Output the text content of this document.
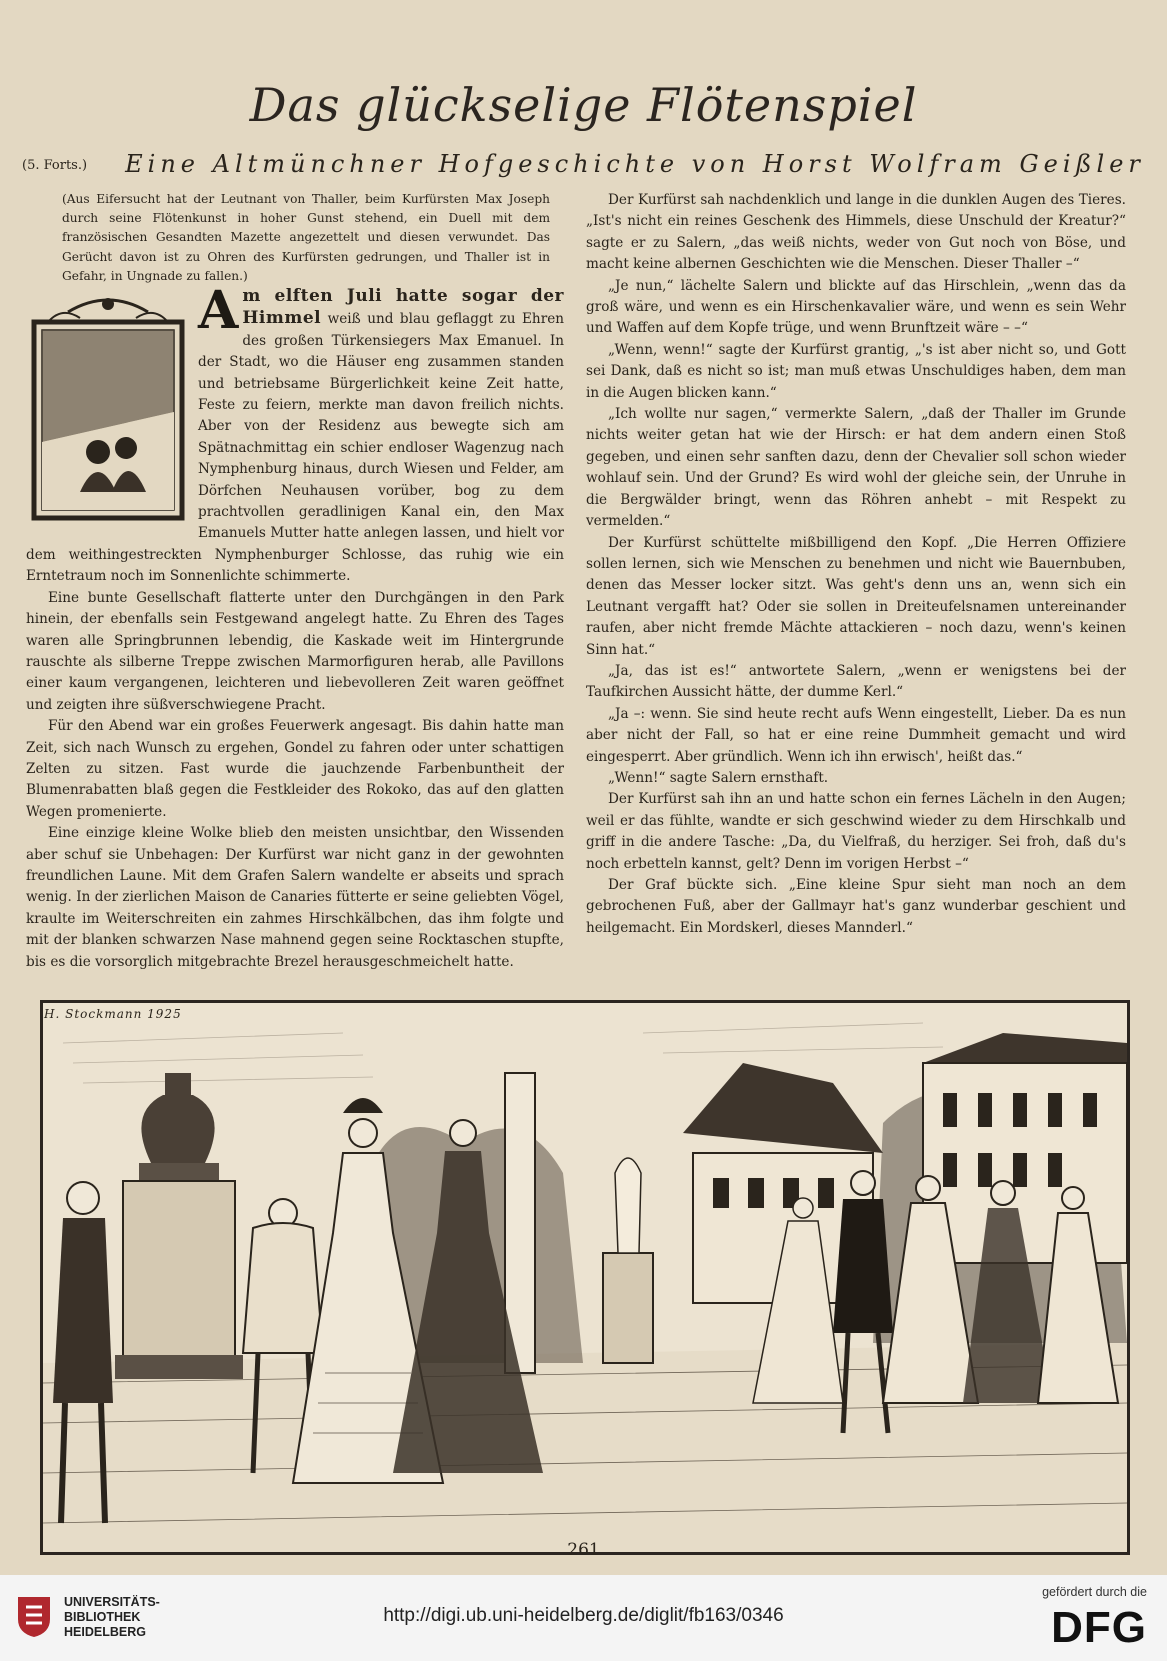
Das glückselige Flötenspiel
(5. Forts.)	Eine Altmünchner Hofgeschichte von Horst Wolfram Geißler

(Aus Eifersucht hat der Leutnant von Thaller, beim Kurfürsten Max Joseph durch seine Flötenkunst in hoher Gunst stehend, ein Duell mit dem französischen Gesandten Mazette angezettelt und diesen verwundet. Das Gerücht davon ist zu Ohren des Kurfürsten gedrungen, und Thaller ist in Gefahr, in Ungnade zu fallen.)

Am elften Juli hatte sogar der Himmel weiß und blau geflaggt zu Ehren des großen Türkensiegers Max Emanuel. In der Stadt, wo die Häuser eng zusammen standen und betriebsame Bürgerlichkeit keine Zeit hatte, Feste zu feiern, merkte man davon freilich nichts. Aber von der Residenz aus bewegte sich am Spätnachmittag ein schier endloser Wagenzug nach Nymphenburg hinaus, durch Wiesen und Felder, am Dörfchen Neuhausen vorüber, bog zu dem prachtvollen geradlinigen Kanal ein, den Max Emanuels Mutter hatte anlegen lassen, und hielt vor dem weithingestreckten Nymphenburger Schlosse, das ruhig wie ein Erntetraum noch im Sonnenlichte schimmerte.

Eine bunte Gesellschaft flatterte unter den Durchgängen in den Park hinein, der ebenfalls sein Festgewand angelegt hatte. Zu Ehren des Tages waren alle Springbrunnen lebendig, die Kaskade weit im Hintergrunde rauschte als silberne Treppe zwischen Marmorfiguren herab, alle Pavillons einer kaum vergangenen, leichteren und liebevolleren Zeit waren geöffnet und zeigten ihre süßverschwiegene Pracht.

Für den Abend war ein großes Feuerwerk angesagt. Bis dahin hatte man Zeit, sich nach Wunsch zu ergehen, Gondel zu fahren oder unter schattigen Zelten zu sitzen. Fast wurde die jauchzende Farbenbuntheit der Blumenrabatten blaß gegen die Festkleider des Rokoko, das auf den glatten Wegen promenierte.

Eine einzige kleine Wolke blieb den meisten unsichtbar, den Wissenden aber schuf sie Unbehagen: Der Kurfürst war nicht ganz in der gewohnten freundlichen Laune. Mit dem Grafen Salern wandelte er abseits und sprach wenig. In der zierlichen Maison de Canaries fütterte er seine geliebten Vögel, kraulte im Weiterschreiten ein zahmes Hirschkälbchen, das ihm folgte und mit der blanken schwarzen Nase mahnend gegen seine Rocktaschen stupfte, bis es die vorsorglich mitgebrachte Brezel herausgeschmeichelt hatte.

Der Kurfürst sah nachdenklich und lange in die dunklen Augen des Tieres. „Ist's nicht ein reines Geschenk des Himmels, diese Unschuld der Kreatur?“ sagte er zu Salern, „das weiß nichts, weder von Gut noch von Böse, und macht keine albernen Geschichten wie die Menschen. Dieser Thaller –“

„Je nun,“ lächelte Salern und blickte auf das Hirschlein, „wenn das da groß wäre, und wenn es ein Hirschenkavalier wäre, und wenn es sein Wehr und Waffen auf dem Kopfe trüge, und wenn Brunftzeit wäre – –“

„Wenn, wenn!“ sagte der Kurfürst grantig, „'s ist aber nicht so, und Gott sei Dank, daß es nicht so ist; man muß etwas Unschuldiges haben, dem man in die Augen blicken kann.“

„Ich wollte nur sagen,“ vermerkte Salern, „daß der Thaller im Grunde nichts weiter getan hat wie der Hirsch: er hat dem andern einen Stoß gegeben, und einen sehr sanften dazu, denn der Chevalier soll schon wieder wohlauf sein. Und der Grund? Es wird wohl der gleiche sein, der Unruhe in die Bergwälder bringt, wenn das Röhren anhebt – mit Respekt zu vermelden.“

Der Kurfürst schüttelte mißbilligend den Kopf. „Die Herren Offiziere sollen lernen, sich wie Menschen zu benehmen und nicht wie Bauernbuben, denen das Messer locker sitzt. Was geht's denn uns an, wenn sich ein Leutnant vergafft hat? Oder sie sollen in Dreiteufelsnamen untereinander raufen, aber nicht fremde Mächte attackieren – noch dazu, wenn's keinen Sinn hat.“

„Ja, das ist es!“ antwortete Salern, „wenn er wenigstens bei der Taufkirchen Aussicht hätte, der dumme Kerl.“

„Ja –: wenn. Sie sind heute recht aufs Wenn eingestellt, Lieber. Da es nun aber nicht der Fall, so hat er eine reine Dummheit gemacht und wird eingesperrt. Aber gründlich. Wenn ich ihn erwisch', heißt das.“

„Wenn!“ sagte Salern ernsthaft.

Der Kurfürst sah ihn an und hatte schon ein fernes Lächeln in den Augen; weil er das fühlte, wandte er sich geschwind wieder zu dem Hirschkalb und griff in die andere Tasche: „Da, du Vielfraß, du herziger. Sei froh, daß du's noch erbetteln kannst, gelt? Denn im vorigen Herbst –“

Der Graf bückte sich. „Eine kleine Spur sieht man noch an dem gebrochenen Fuß, aber der Gallmayr hat's ganz wunderbar geschient und heilgemacht. Ein Mordskerl, dieses Mannderl.“

H. Stockmann 1925
261
UNIVERSITÄTS-
BIBLIOTHEK
HEIDELBERG
http://digi.ub.uni-heidelberg.de/diglit/fb163/0346
gefördert durch die
DFG
